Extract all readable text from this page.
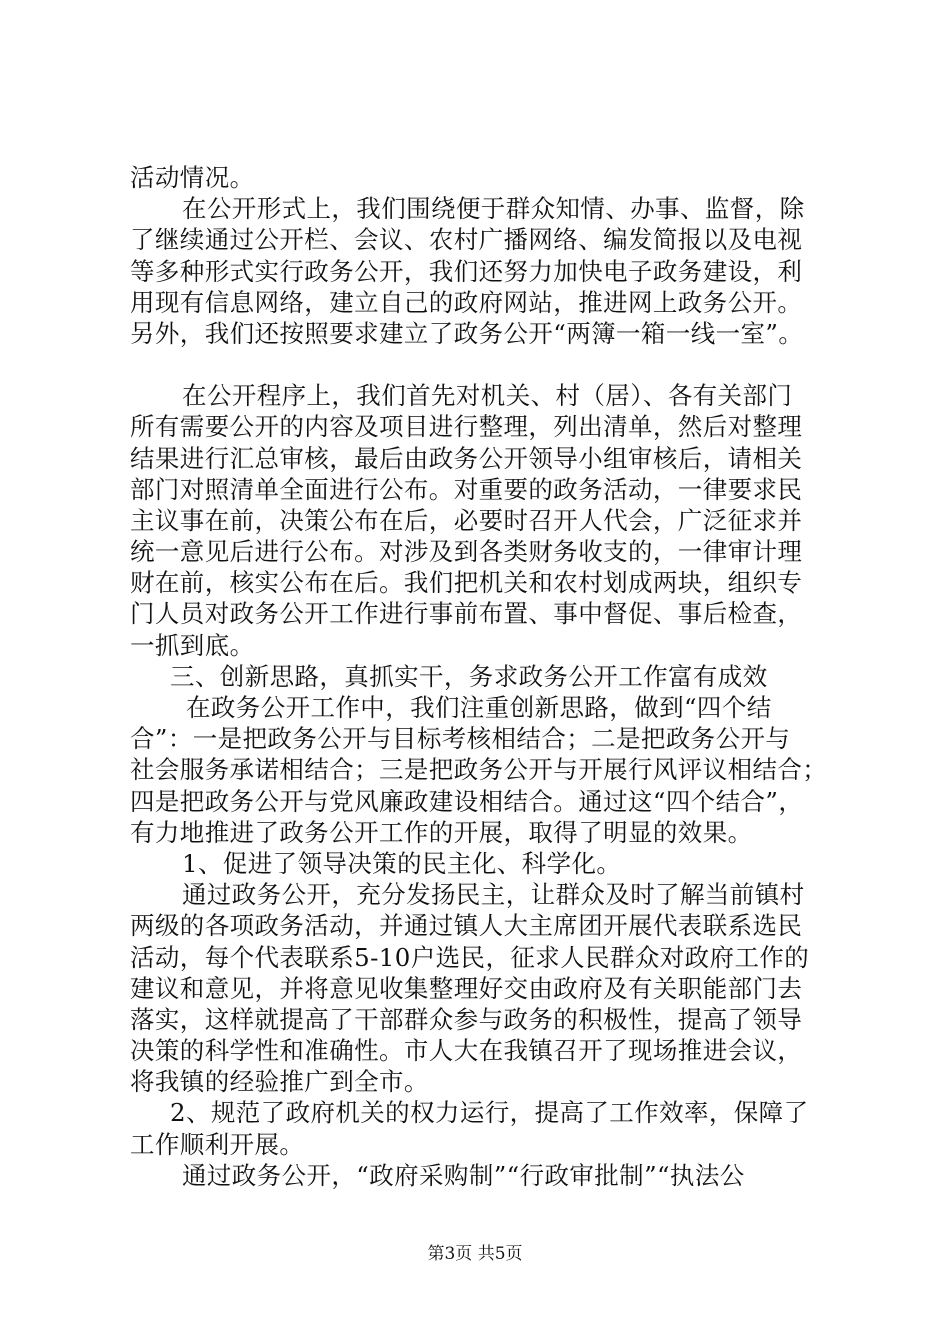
活动情况。
在公开形式上，我们围绕便于群众知情、办事、监督，除
了继续通过公开栏、会议、农村广播网络、编发简报以及电视
等多种形式实行政务公开，我们还努力加快电子政务建设，利
用现有信息网络，建立自己的政府网站，推进网上政务公开。
另外，我们还按照要求建立了政务公开“两簿一箱一线一室”。
在公开程序上，我们首先对机关、村（居）、各有关部门
所有需要公开的内容及项目进行整理，列出清单，然后对整理
结果进行汇总审核，最后由政务公开领导小组审核后，请相关
部门对照清单全面进行公布。对重要的政务活动，一律要求民
主议事在前，决策公布在后，必要时召开人代会，广泛征求并
统一意见后进行公布。对涉及到各类财务收支的，一律审计理
财在前，核实公布在后。我们把机关和农村划成两块，组织专
门人员对政务公开工作进行事前布置、事中督促、事后检查，
一抓到底。
三、创新思路，真抓实干，务求政务公开工作富有成效
在政务公开工作中，我们注重创新思路，做到“四个结
合”：一是把政务公开与目标考核相结合；二是把政务公开与
社会服务承诺相结合；三是把政务公开与开展行风评议相结合；
四是把政务公开与党风廉政建设相结合。通过这“四个结合”，
有力地推进了政务公开工作的开展，取得了明显的效果。
1、促进了领导决策的民主化、科学化。
通过政务公开，充分发扬民主，让群众及时了解当前镇村
两级的各项政务活动，并通过镇人大主席团开展代表联系选民
活动，每个代表联系5-10户选民，征求人民群众对政府工作的
建议和意见，并将意见收集整理好交由政府及有关职能部门去
落实，这样就提高了干部群众参与政务的积极性，提高了领导
决策的科学性和准确性。市人大在我镇召开了现场推进会议，
将我镇的经验推广到全市。
2、规范了政府机关的权力运行，提高了工作效率，保障了
工作顺利开展。
通过政务公开，“政府采购制”“行政审批制”“执法公
第3页 共5页
